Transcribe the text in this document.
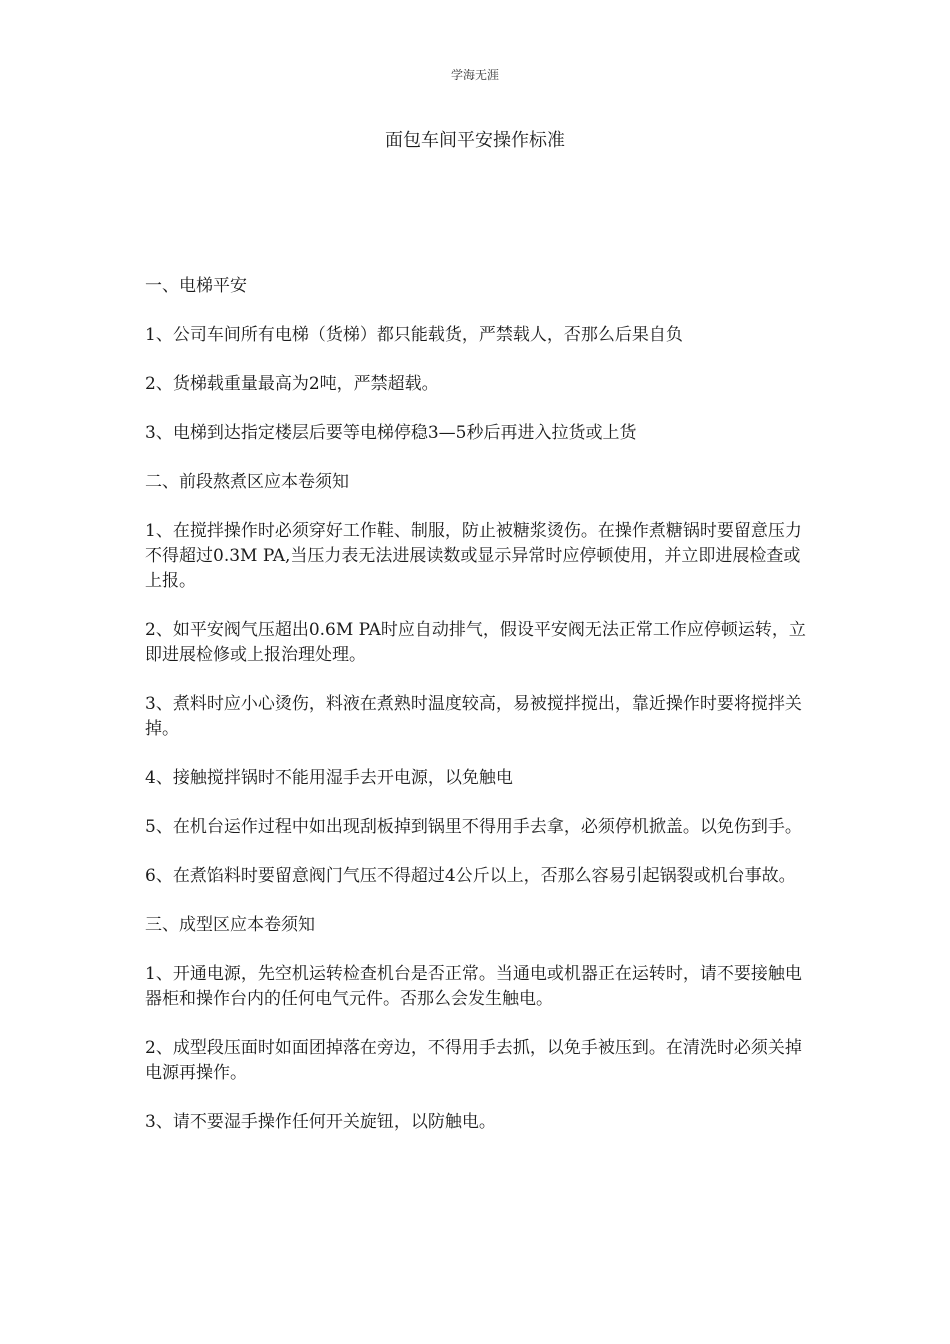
学海无涯
面包车间平安操作标准

一、电梯平安

1、公司车间所有电梯（货梯）都只能载货，严禁载人，否那么后果自负

2、货梯载重量最高为2吨，严禁超载。

3、电梯到达指定楼层后要等电梯停稳3—5秒后再进入拉货或上货

二、前段熬煮区应本卷须知

1、在搅拌操作时必须穿好工作鞋、制服，防止被糖浆烫伤。在操作煮糖锅时要留意压力不得超过0.3M PA,当压力表无法进展读数或显示异常时应停顿使用，并立即进展检查或上报。

2、如平安阀气压超出0.6M PA时应自动排气，假设平安阀无法正常工作应停顿运转，立即进展检修或上报治理处理。

3、煮料时应小心烫伤，料液在煮熟时温度较高，易被搅拌搅出，靠近操作时要将搅拌关掉。

4、接触搅拌锅时不能用湿手去开电源，以免触电

5、在机台运作过程中如出现刮板掉到锅里不得用手去拿，必须停机掀盖。以免伤到手。

6、在煮馅料时要留意阀门气压不得超过4公斤以上，否那么容易引起锅裂或机台事故。

三、成型区应本卷须知

1、开通电源，先空机运转检查机台是否正常。当通电或机器正在运转时，请不要接触电器柜和操作台内的任何电气元件。否那么会发生触电。

2、成型段压面时如面团掉落在旁边，不得用手去抓，以免手被压到。在清洗时必须关掉电源再操作。

3、请不要湿手操作任何开关旋钮，以防触电。
